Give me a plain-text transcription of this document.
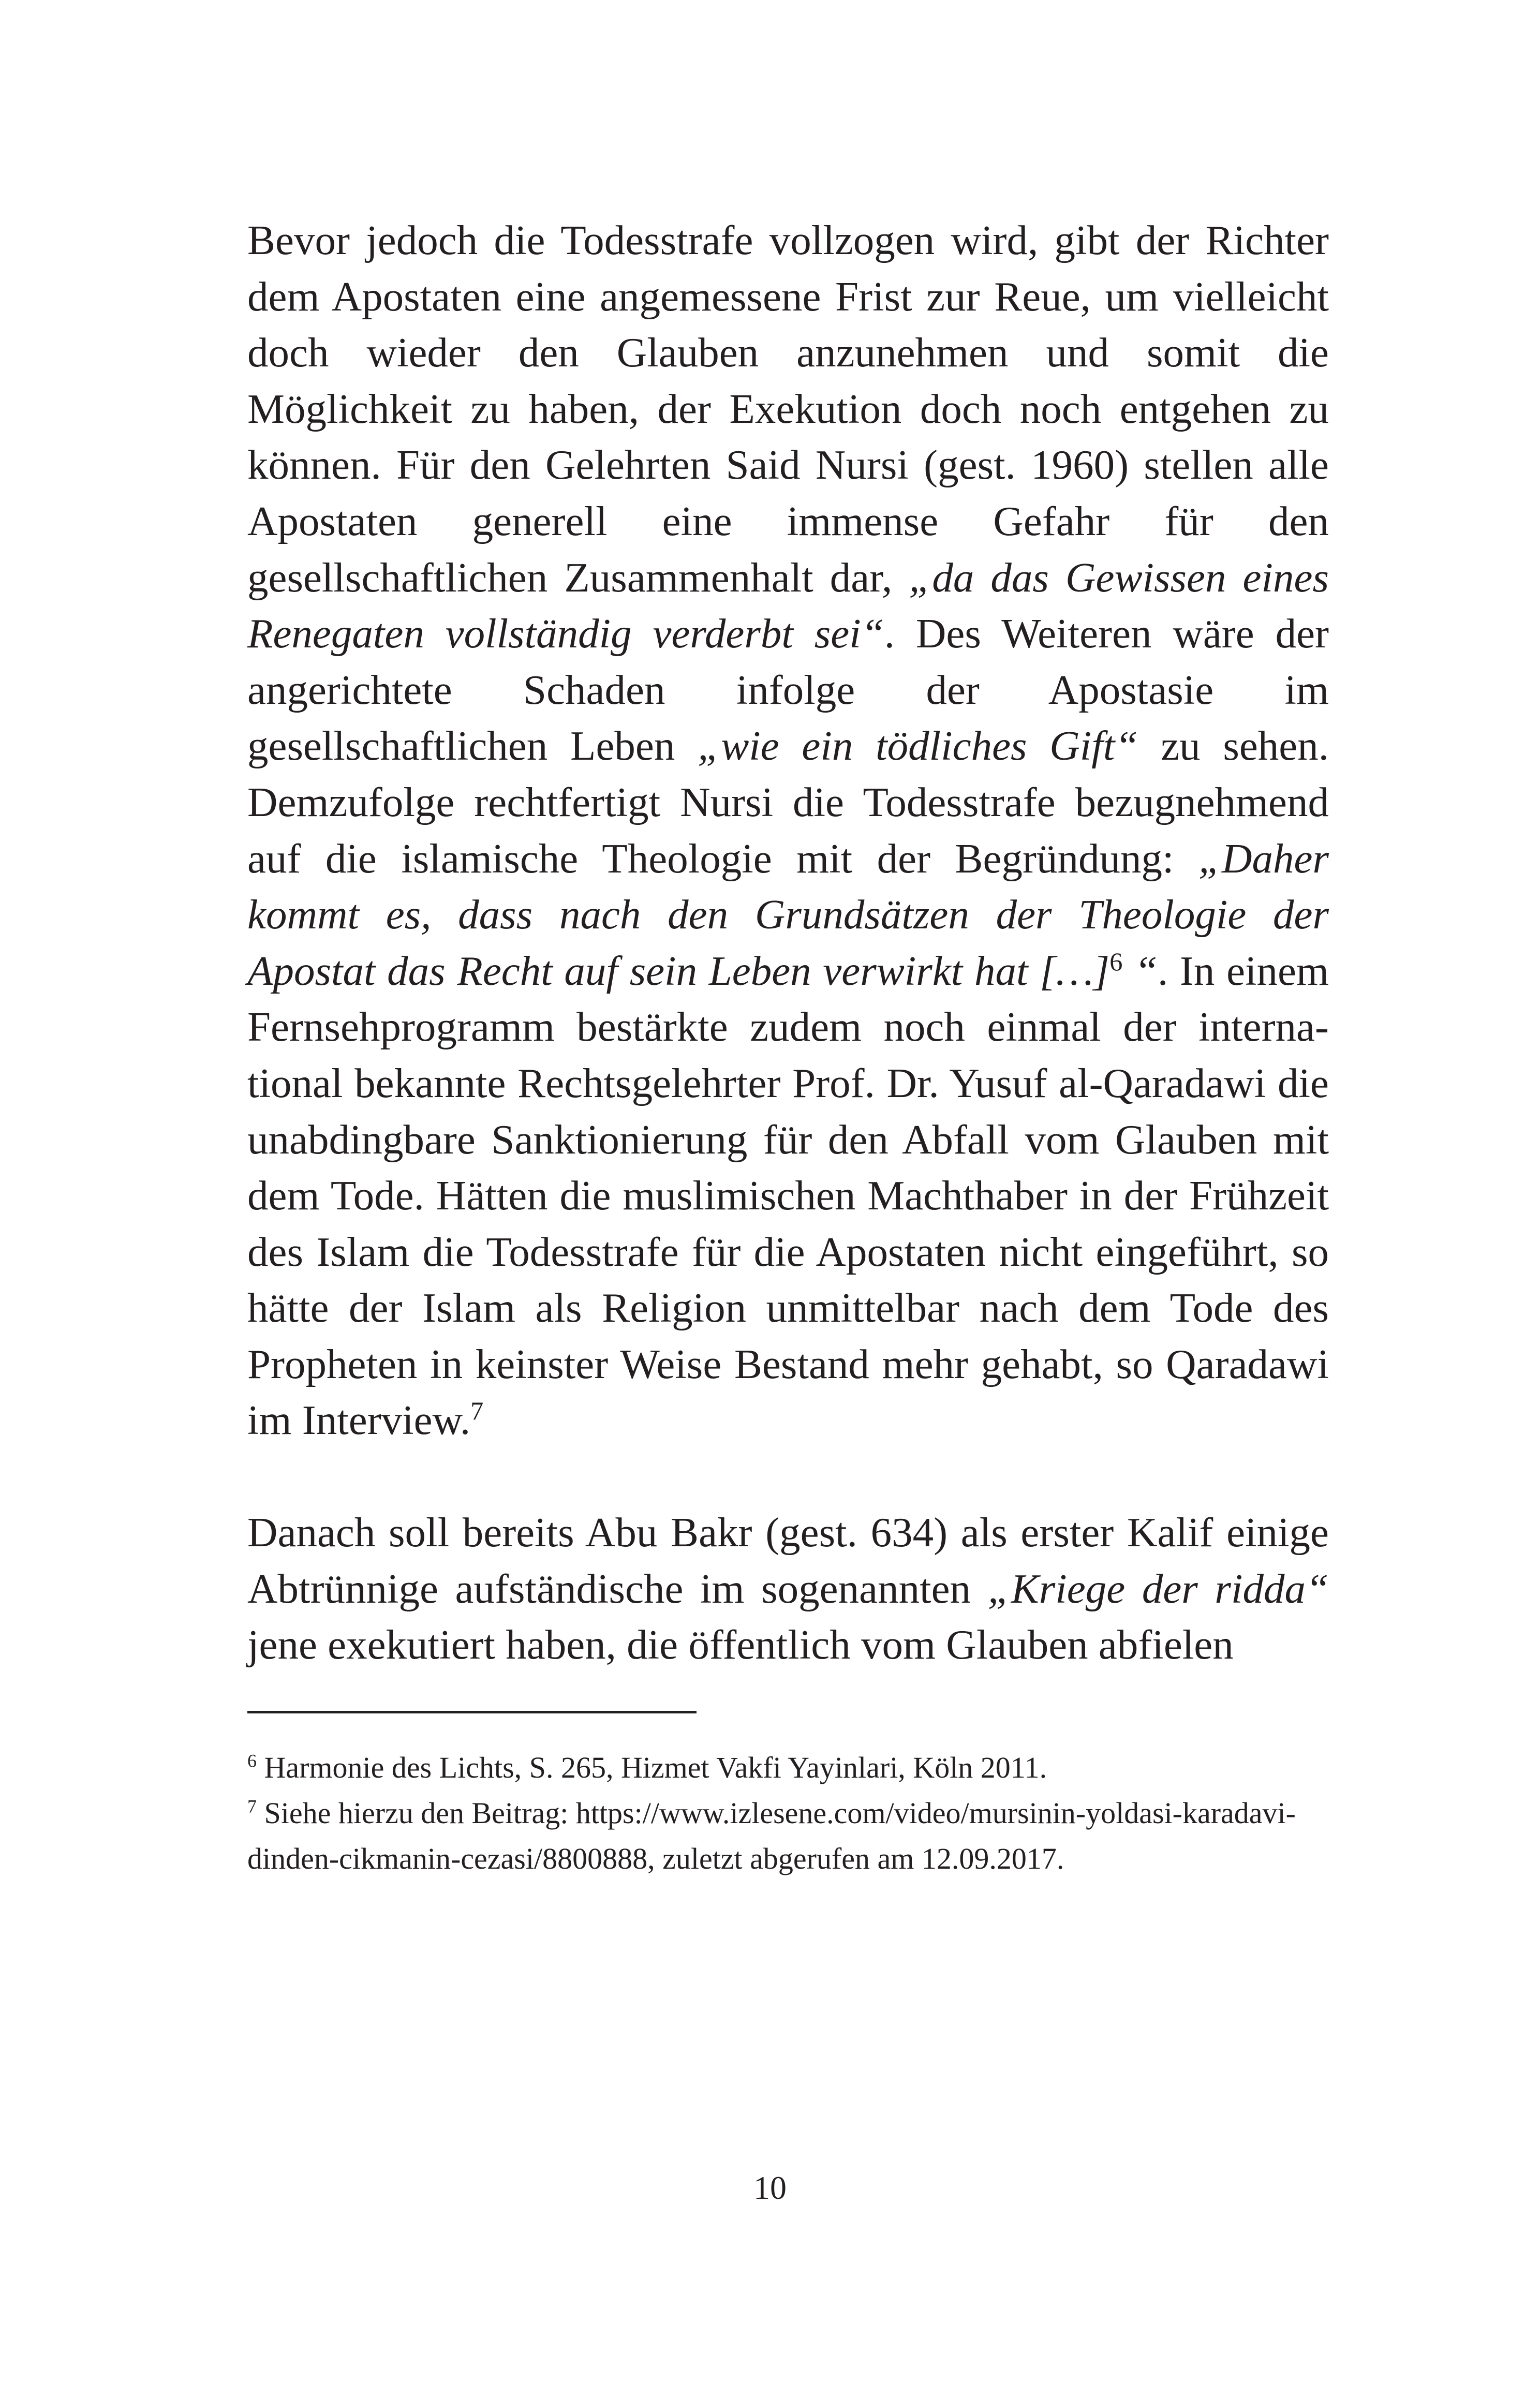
Bevor jedoch die Todesstrafe vollzogen wird, gibt der Richter dem Apostaten eine angemessene Frist zur Reue, um vielleicht doch wieder den Glauben anzunehmen und somit die Möglichkeit zu haben, der Exekution doch noch entgehen zu können. Für den Gelehrten Said Nursi (gest. 1960) stellen alle Apostaten generell eine immense Gefahr für den gesellschaftlichen Zusammenhalt dar, „da das Gewissen eines Renegaten vollständig verderbt sei“. Des Weiteren wäre der angerichtete Schaden infolge der Apostasie im gesellschaftlichen Leben „wie ein tödliches Gift“ zu sehen. Demzufolge rechtfertigt Nursi die Todesstrafe bezugnehmend auf die islamische Theologie mit der Begründung: „Daher kommt es, dass nach den Grundsätzen der Theologie der Apostat das Recht auf sein Leben verwirkt hat […]$^6$ “. In einem Fernsehprogramm bestärkte zudem noch einmal der international bekannte Rechtsgelehrter Prof. Dr. Yusuf al-Qaradawi die unabdingbare Sanktionierung für den Abfall vom Glauben mit dem Tode. Hätten die muslimischen Machthaber in der Frühzeit des Islam die Todesstrafe für die Apostaten nicht eingeführt, so hätte der Islam als Religion unmittelbar nach dem Tode des Propheten in keinster Weise Bestand mehr gehabt, so Qaradawi im Interview.$^7$

Danach soll bereits Abu Bakr (gest. 634) als erster Kalif einige Abtrünnige aufständische im sogenannten „Kriege der ridda“ jene exekutiert haben, die öffentlich vom Glauben abfielen

$^6$ Harmonie des Lichts, S. 265, Hizmet Vakfi Yayinlari, Köln 2011.

$^7$ Siehe hierzu den Beitrag: https://www.izlesene.com/video/mursinin-yoldasi-karadavi-dinden-cikmanin-cezasi/8800888, zuletzt abgerufen am 12.09.2017.

10
